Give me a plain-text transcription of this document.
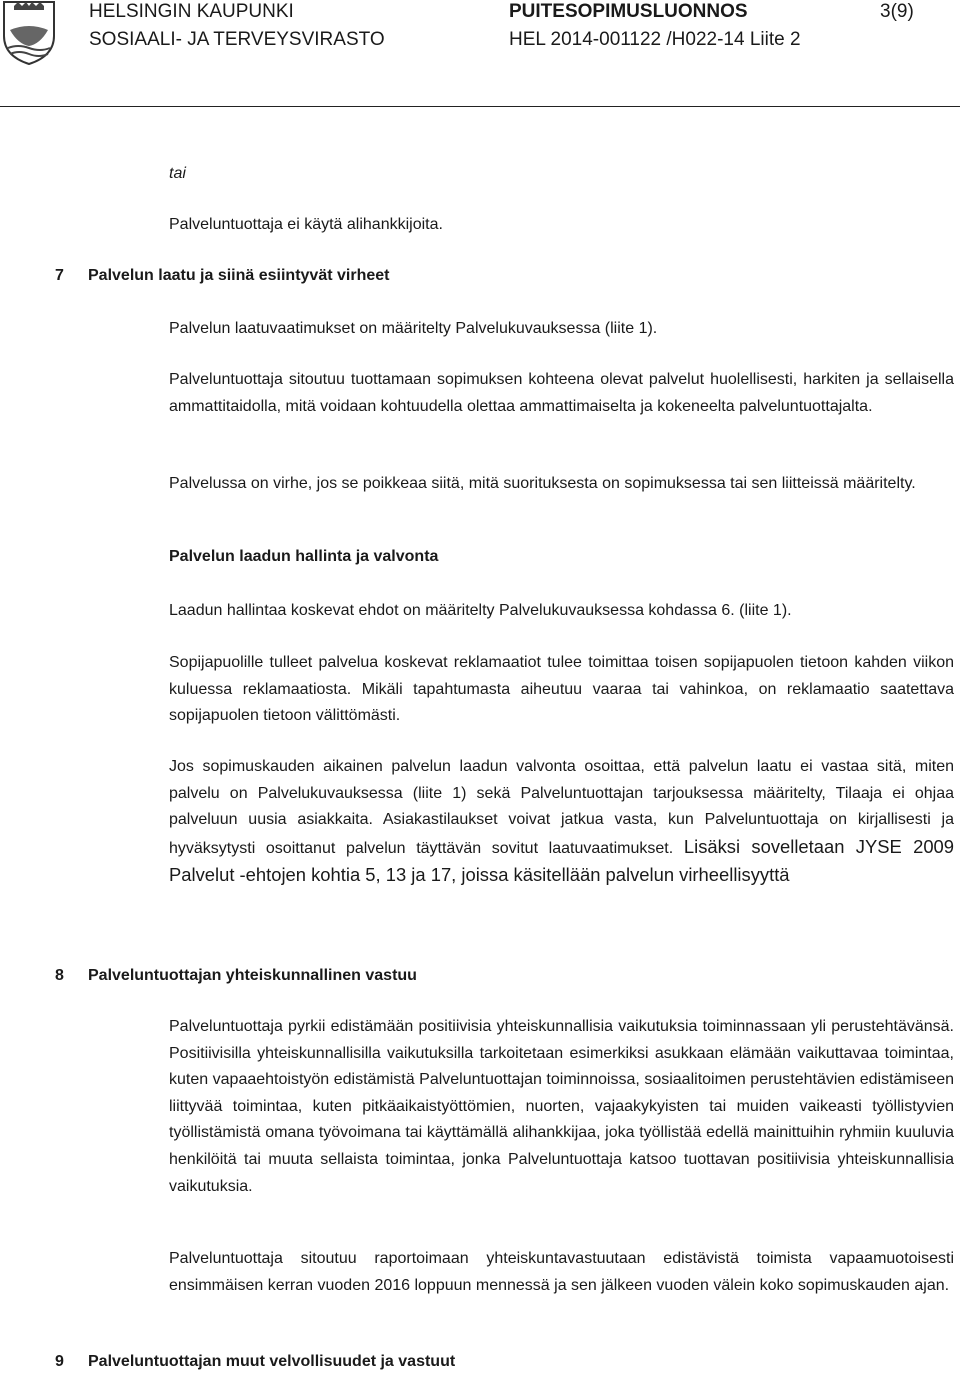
HELSINGIN KAUPUNKI
SOSIAALI- JA TERVEYSVIRASTO
PUITESOPIMUSLUONNOS	3(9)
HEL 2014-001122 /H022-14 Liite 2
tai
Palveluntuottaja ei käytä alihankkijoita.
7 Palvelun laatu ja siinä esiintyvät virheet
Palvelun laatuvaatimukset on määritelty Palvelukuvauksessa (liite 1).
Palveluntuottaja sitoutuu tuottamaan sopimuksen kohteena olevat palvelut huolellisesti, harkiten ja sellaisella ammattitaidolla, mitä voidaan kohtuudella olettaa ammattimaiselta ja kokeneelta palveluntuottajalta.
Palvelussa on virhe, jos se poikkeaa siitä, mitä suorituksesta on sopimuksessa tai sen liitteissä määritelty.
Palvelun laadun hallinta ja valvonta
Laadun hallintaa koskevat ehdot on määritelty Palvelukuvauksessa kohdassa 6. (liite 1).
Sopijapuolille tulleet palvelua koskevat reklamaatiot tulee toimittaa toisen sopijapuolen tietoon kahden viikon kuluessa reklamaatiosta. Mikäli tapahtumasta aiheutuu vaaraa tai vahinkoa, on reklamaatio saatettava sopijapuolen tietoon välittömästi.
Jos sopimuskauden aikainen palvelun laadun valvonta osoittaa, että palvelun laatu ei vastaa sitä, miten palvelu on Palvelukuvauksessa (liite 1) sekä Palveluntuottajan tarjouksessa määritelty, Tilaaja ei ohjaa palveluun uusia asiakkaita. Asiakastilaukset voivat jatkua vasta, kun Palveluntuottaja on kirjallisesti ja hyväksytysti osoittanut palvelun täyttävän sovitut laatuvaatimukset. Lisäksi sovelletaan JYSE 2009 Palvelut -ehtojen kohtia 5, 13 ja 17, joissa käsitellään palvelun virheellisyyttä
8 Palveluntuottajan yhteiskunnallinen vastuu
Palveluntuottaja pyrkii edistämään positiivisia yhteiskunnallisia vaikutuksia toiminnassaan yli perustehtävänsä. Positiivisilla yhteiskunnallisilla vaikutuksilla tarkoitetaan esimerkiksi asukkaan elämään vaikuttavaa toimintaa, kuten vapaaehtoistyön edistämistä Palveluntuottajan toiminnoissa, sosiaalitoimen perustehtävien edistämiseen liittyvää toimintaa, kuten pitkäaikaistyöttömien, nuorten, vajaakykyisten tai muiden vaikeasti työllistyvien työllistämistä omana työvoimana tai käyttämällä alihankkijaa, joka työllistää edellä mainittuihin ryhmiin kuuluvia henkilöitä tai muuta sellaista toimintaa, jonka Palveluntuottaja katsoo tuottavan positiivisia yhteiskunnallisia vaikutuksia.
Palveluntuottaja sitoutuu raportoimaan yhteiskuntavastuutaan edistävistä toimista vapaamuotoisesti ensimmäisen kerran vuoden 2016 loppuun mennessä ja sen jälkeen vuoden välein koko sopimuskauden ajan.
9 Palveluntuottajan muut velvollisuudet ja vastuut
